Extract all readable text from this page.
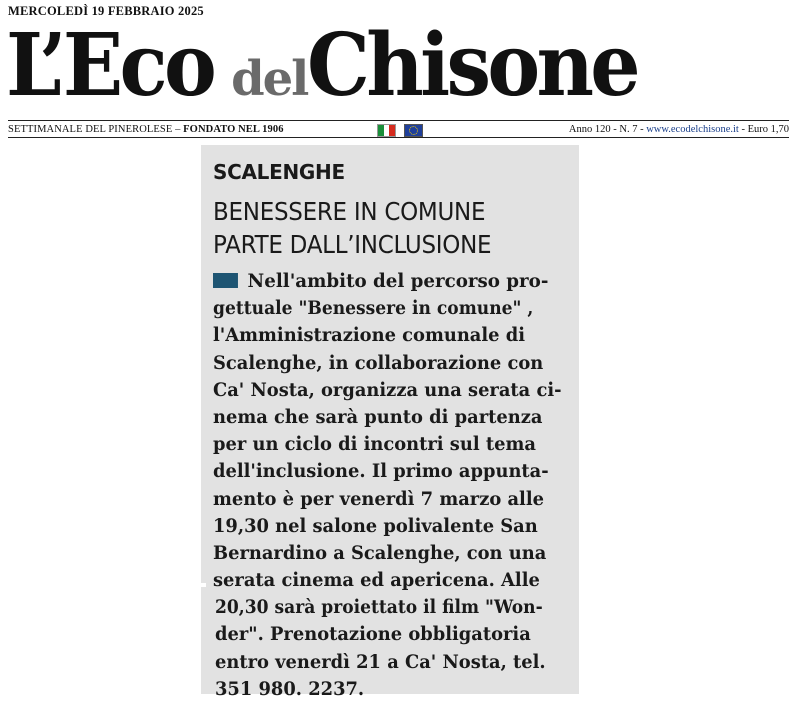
MERCOLEDÌ 19 FEBBRAIO 2025
L’Eco delChisone
SETTIMANALE DEL PINEROLESE – FONDATO NEL 1906	Anno 120 - N. 7 - www.ecodelchisone.it - Euro 1,70
SCALENGHE
BENESSERE IN COMUNE
PARTE DALL’INCLUSIONE
Nell'ambito del percorso pro-
gettuale "Benessere in comune" ,
l'Amministrazione comunale di
Scalenghe, in collaborazione con
Ca' Nosta, organizza una serata ci-
nema che sarà punto di partenza
per un ciclo di incontri sul tema
dell'inclusione. Il primo appunta-
mento è per venerdì 7 marzo alle
19,30 nel salone polivalente San
Bernardino a Scalenghe, con una
serata cinema ed apericena. Alle
20,30 sarà proiettato il film "Won-
der". Prenotazione obbligatoria
entro venerdì 21 a Ca' Nosta, tel.
351 980. 2237.
